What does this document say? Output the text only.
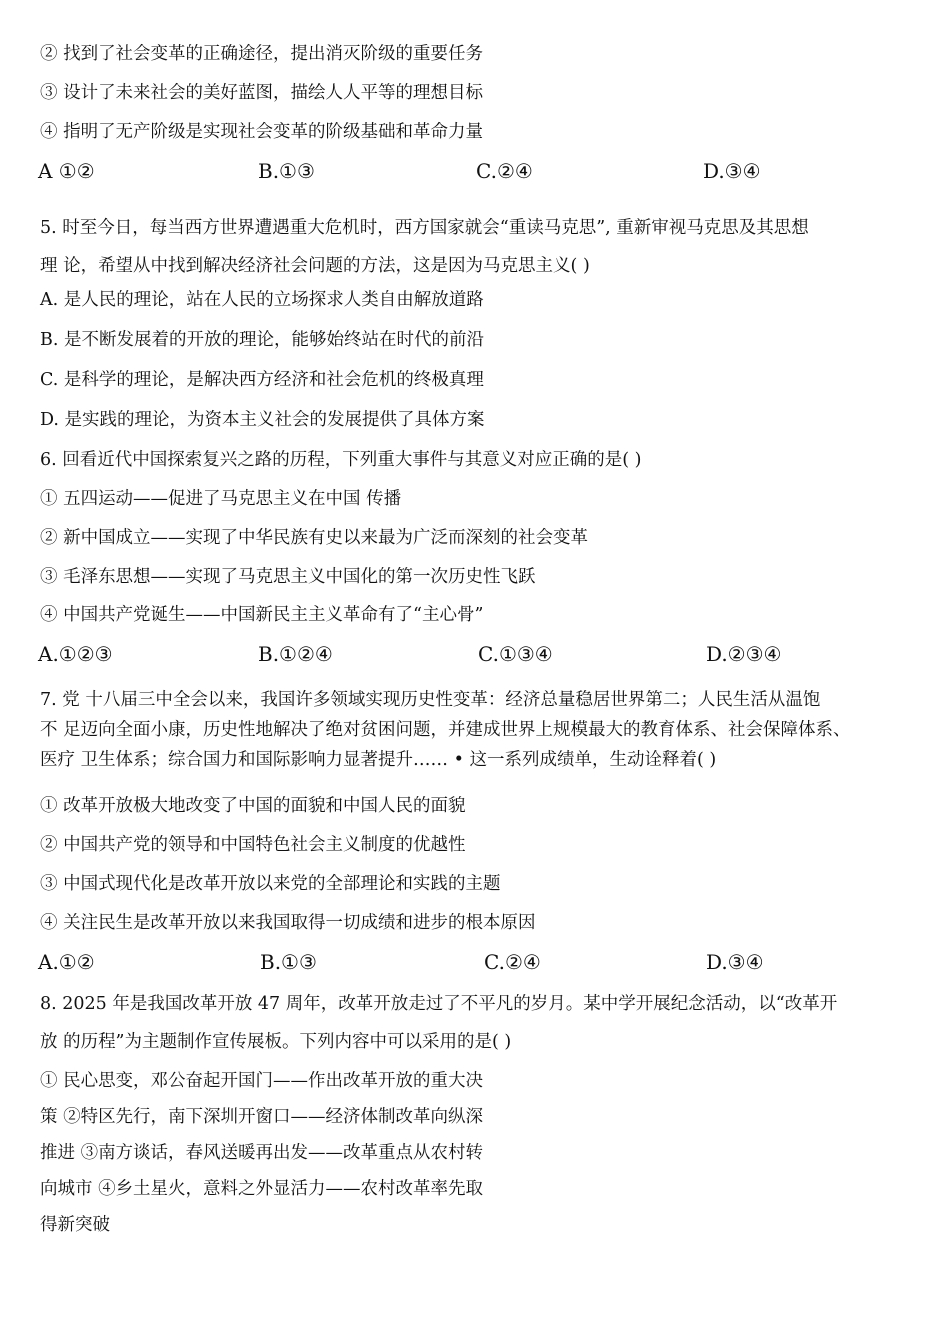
② 找到了社会变革的正确途径，提出消灭阶级的重要任务
③ 设计了未来社会的美好蓝图，描绘人人平等的理想目标
④ 指明了无产阶级是实现社会变革的阶级基础和革命力量
A ①②	B.①③	C.②④	D.③④
5. 时至今日，每当西方世界遭遇重大危机时，西方国家就会“重读马克思”, 重新审视马克思及其思想
理 论，希望从中找到解决经济社会问题的方法，这是因为马克思主义( )
A. 是人民的理论，站在人民的立场探求人类自由解放道路
B. 是不断发展着的开放的理论，能够始终站在时代的前沿
C. 是科学的理论，是解决西方经济和社会危机的终极真理
D. 是实践的理论，为资本主义社会的发展提供了具体方案
6. 回看近代中国探索复兴之路的历程，下列重大事件与其意义对应正确的是( )
① 五四运动——促进了马克思主义在中国 传播
② 新中国成立——实现了中华民族有史以来最为广泛而深刻的社会变革
③ 毛泽东思想——实现了马克思主义中国化的第一次历史性飞跃
④ 中国共产党诞生——中国新民主主义革命有了“主心骨”
A.①②③	B.①②④	C.①③④	D.②③④
7. 党 十八届三中全会以来，我国许多领域实现历史性变革：经济总量稳居世界第二；人民生活从温饱
不 足迈向全面小康，历史性地解决了绝对贫困问题，并建成世界上规模最大的教育体系、社会保障体系、
医疗 卫生体系；综合国力和国际影响力显著提升…… • 这一系列成绩单，生动诠释着( )
① 改革开放极大地改变了中国的面貌和中国人民的面貌
② 中国共产党的领导和中国特色社会主义制度的优越性
③ 中国式现代化是改革开放以来党的全部理论和实践的主题
④ 关注民生是改革开放以来我国取得一切成绩和进步的根本原因
A.①②	B.①③	C.②④	D.③④
8. 2025 年是我国改革开放 47 周年，改革开放走过了不平凡的岁月。某中学开展纪念活动，以“改革开
放 的历程”为主题制作宣传展板。下列内容中可以采用的是( )
① 民心思变，邓公奋起开国门——作出改革开放的重大决
策 ②特区先行，南下深圳开窗口——经济体制改革向纵深
推进 ③南方谈话，春风送暖再出发——改革重点从农村转
向城市 ④乡土星火，意料之外显活力——农村改革率先取
得新突破
